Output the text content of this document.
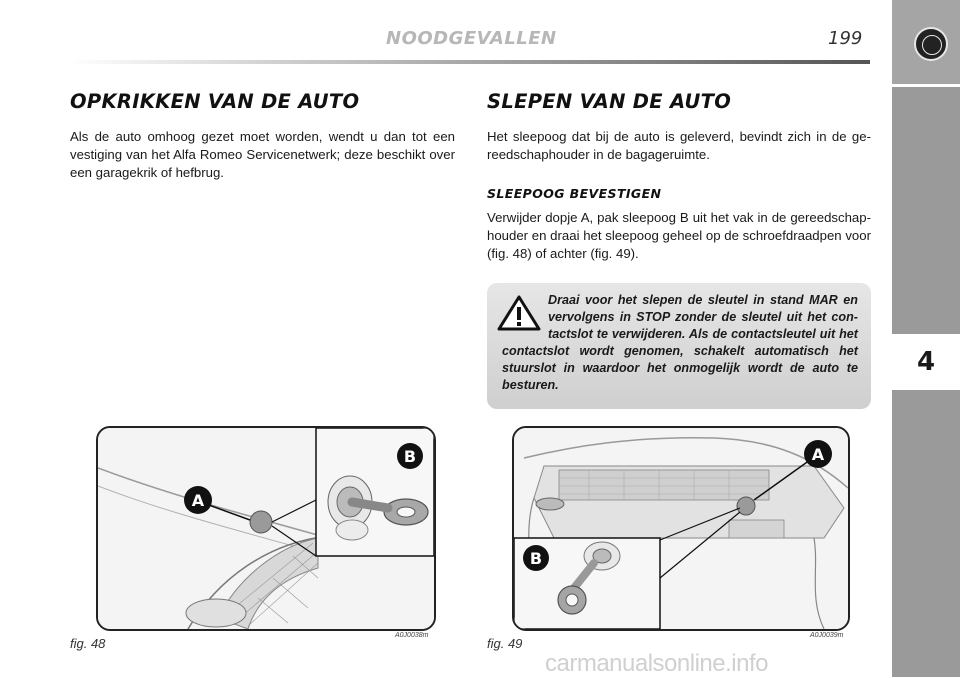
NOODGEVALLEN	199
4
OPKRIKKEN VAN DE AUTO
Als de auto omhoog gezet moet worden, wendt u dan tot een vestiging van het Alfa Romeo Servicenetwerk; deze beschikt over een garagekrik of hefbrug.
SLEPEN VAN DE AUTO
Het sleepoog dat bij de auto is geleverd, bevindt zich in de ge-reedschaphouder in de bagageruimte.
SLEEPOOG BEVESTIGEN
Verwijder dopje A, pak sleepoog B uit het vak in de gereedschap-houder en draai het sleepoog geheel op de schroefdraadpen voor (fig. 48) of achter (fig. 49).
Draai voor het slepen de sleutel in stand MAR en vervolgens in STOP zonder de sleutel uit het con-tactslot te verwijderen. Als de contactsleutel uit het contactslot wordt genomen, schakelt automatisch het stuurslot in waardoor het onmogelijk wordt de auto te besturen.
A
B
fig. 48
A0J0038m
A
B
fig. 49
A0J0039m
carmanualsonline.info
